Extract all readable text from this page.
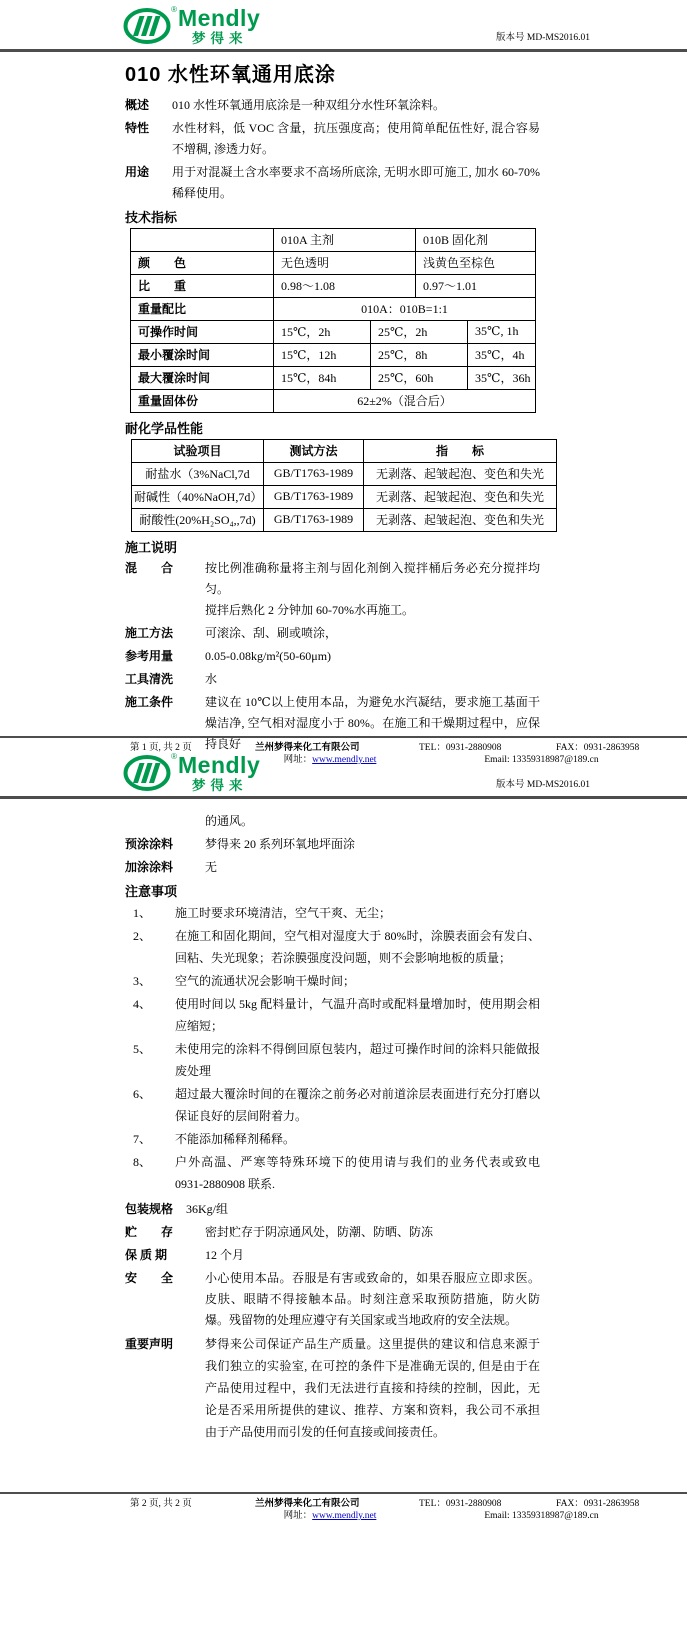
® Mendly
梦得来	版本号 MD-MS2016.01
010 水性环氧通用底涂
概述	010 水性环氧通用底涂是一种双组分水性环氧涂料。
特性	水性材料，低 VOC 含量，抗压强度高；使用简单配伍性好, 混合容易不增稠, 渗透力好。
用途	用于对混凝土含水率要求不高场所底涂, 无明水即可施工, 加水 60-70%稀释使用。
技术指标
	010A 主剂		010B 固化剂	
颜　　色	无色透明		浅黄色至棕色	
比　　重	0.98～1.08		0.97～1.01	
重量配比	010A：010B=1:1			
可操作时间	15℃，2h	25℃，2h		35℃, 1h
最小覆涂时间	15℃，12h	25℃，8h		35℃，4h
最大覆涂时间	15℃，84h	25℃，60h		35℃，36h
重量固体份	62±2%（混合后）			
耐化学品性能
试验项目	测试方法	指　　标
耐盐水（3%NaCl,7d	GB/T1763-1989	无剥落、起皱起泡、变色和失光
耐碱性（40%NaOH,7d）	GB/T1763-1989	无剥落、起皱起泡、变色和失光
耐酸性(20%H₂SO₄,,7d)	GB/T1763-1989	无剥落、起皱起泡、变色和失光
施工说明
混　　合	按比例准确称量将主剂与固化剂倒入搅拌桶后务必充分搅拌均匀。
搅拌后熟化 2 分钟加 60-70%水再施工。
施工方法	可滚涂、刮、刷或喷涂，
参考用量	0.05-0.08kg/m²(50-60μm)
工具清洗	水
施工条件	建议在 10℃以上使用本品，为避免水汽凝结，要求施工基面干燥洁净, 空气相对湿度小于 80%。在施工和干燥期过程中，应保持良好
第 1 页, 共 2 页	兰州梦得来化工有限公司	TEL：0931-2880908	FAX：0931-2863958
网址：www.mendly.net	Email: 13359318987@189.cn
® Mendly
梦得来	版本号 MD-MS2016.01
的通风。
预涂涂料	梦得来 20 系列环氧地坪面涂
加涂涂料	无
注意事项
1、	施工时要求环境清洁，空气干爽、无尘；
2、	在施工和固化期间，空气相对湿度大于 80%时，涂膜表面会有发白、回粘、失光现象；若涂膜强度没问题，则不会影响地板的质量；
3、	空气的流通状况会影响干燥时间；
4、	使用时间以 5kg 配料量计，气温升高时或配料量增加时，使用期会相应缩短；
5、	未使用完的涂料不得倒回原包装内，超过可操作时间的涂料只能做报废处理
6、	超过最大覆涂时间的在覆涂之前务必对前道涂层表面进行充分打磨以保证良好的层间附着力。
7、	不能添加稀释剂稀释。
8、	户外高温、严寒等特殊环境下的使用请与我们的业务代表或致电 0931-2880908 联系.
包装规格 36Kg/组
贮　　存	密封贮存于阴凉通风处，防潮、防晒、防冻
保 质 期	12 个月
安　　全	小心使用本品。吞服是有害或致命的，如果吞服应立即求医。皮肤、眼睛不得接触本品。时刻注意采取预防措施，防火防爆。残留物的处理应遵守有关国家或当地政府的安全法规。
重要声明	梦得来公司保证产品生产质量。这里提供的建议和信息来源于我们独立的实验室, 在可控的条件下是准确无误的, 但是由于在产品使用过程中，我们无法进行直接和持续的控制，因此，无论是否采用所提供的建议、推荐、方案和资料，我公司不承担由于产品使用而引发的任何直接或间接责任。
第 2 页, 共 2 页	兰州梦得来化工有限公司	TEL：0931-2880908	FAX：0931-2863958
网址：www.mendly.net	Email: 13359318987@189.cn
